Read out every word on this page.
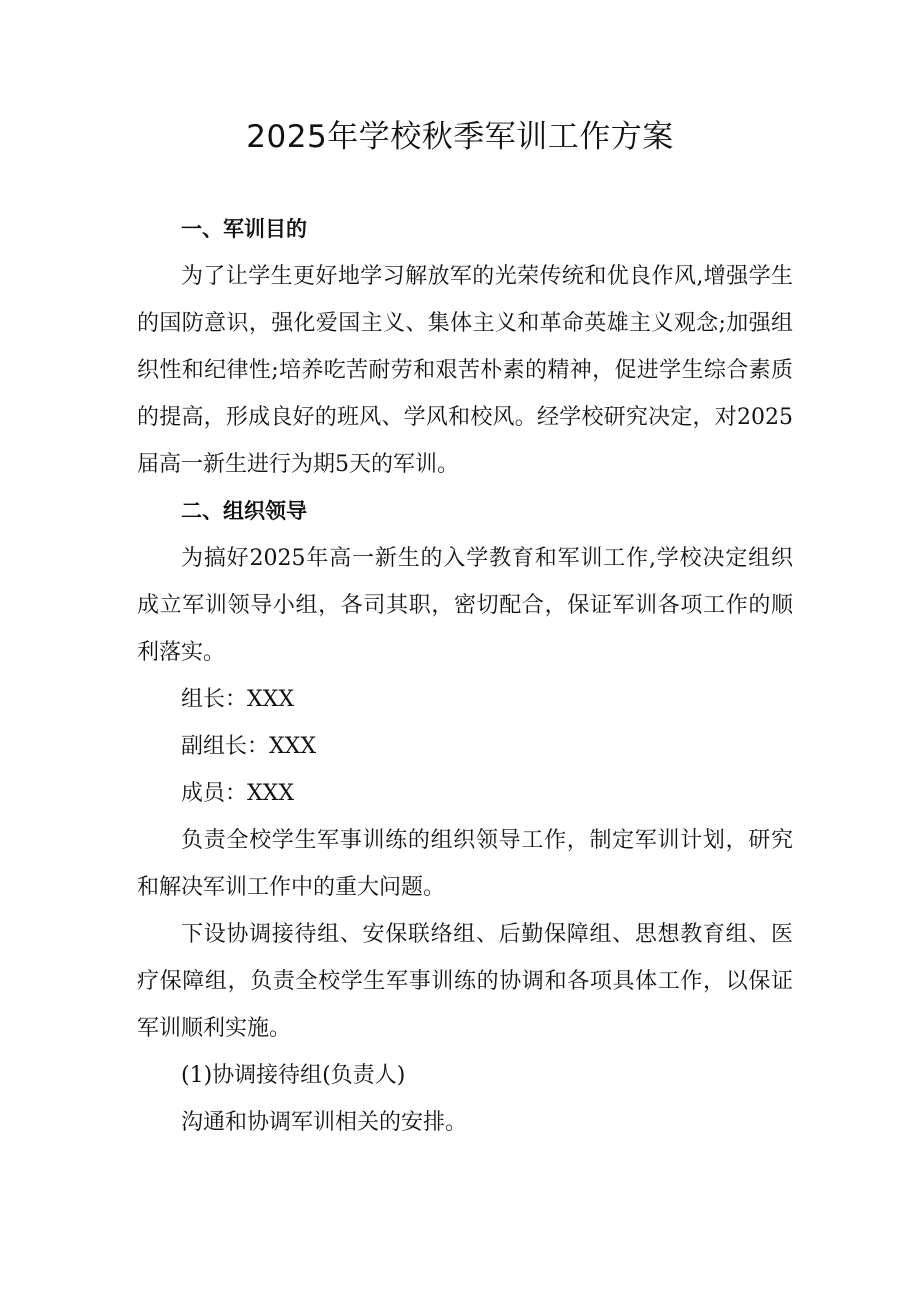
2025年学校秋季军训工作方案
一、军训目的

为了让学生更好地学习解放军的光荣传统和优良作风,增强学生的国防意识，强化爱国主义、集体主义和革命英雄主义观念;加强组织性和纪律性;培养吃苦耐劳和艰苦朴素的精神，促进学生综合素质的提高，形成良好的班风、学风和校风。经学校研究决定，对2025届高一新生进行为期5天的军训。

二、组织领导

为搞好2025年高一新生的入学教育和军训工作,学校决定组织成立军训领导小组，各司其职，密切配合，保证军训各项工作的顺利落实。

组长：XXX

副组长：XXX

成员：XXX

负责全校学生军事训练的组织领导工作，制定军训计划，研究和解决军训工作中的重大问题。

下设协调接待组、安保联络组、后勤保障组、思想教育组、医疗保障组，负责全校学生军事训练的协调和各项具体工作，以保证军训顺利实施。

(1)协调接待组(负责人)

沟通和协调军训相关的安排。
